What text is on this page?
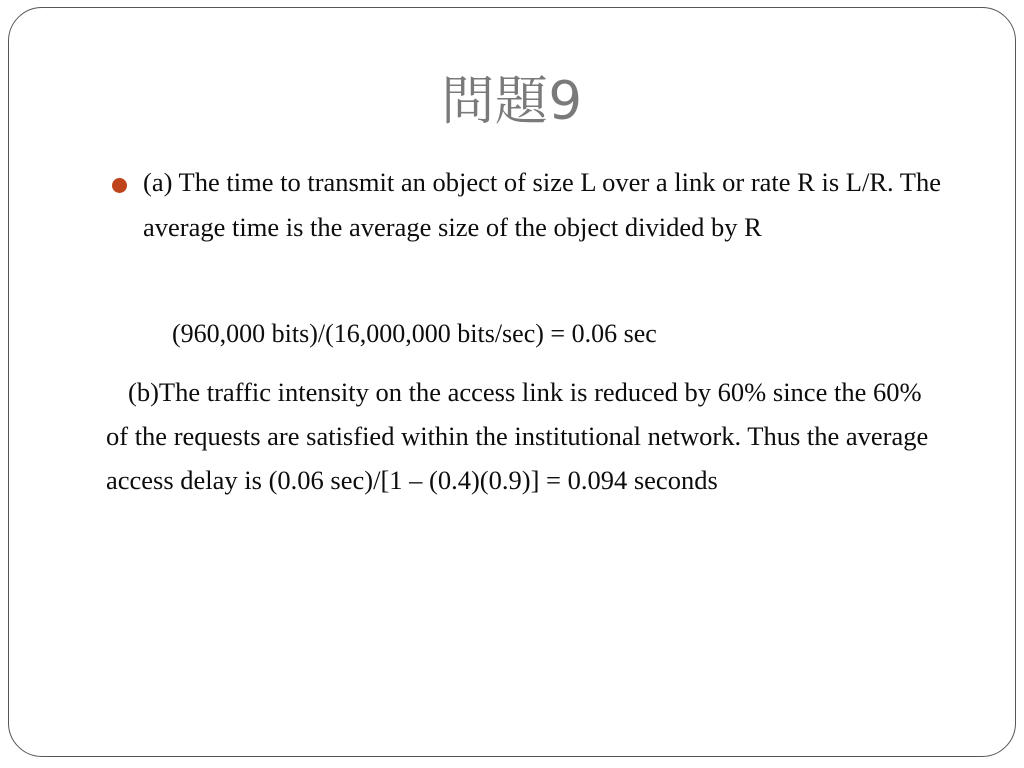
問題9
(a) The time to transmit an object of size L over a link or rate R is L/R. The average time is the average size of the object divided by R
(960,000 bits)/(16,000,000 bits/sec) = 0.06 sec
(b)The traffic intensity on the access link is reduced by 60% since the 60% of the requests are satisfied within the institutional network. Thus the average access delay is (0.06 sec)/[1 – (0.4)(0.9)] = 0.094 seconds
